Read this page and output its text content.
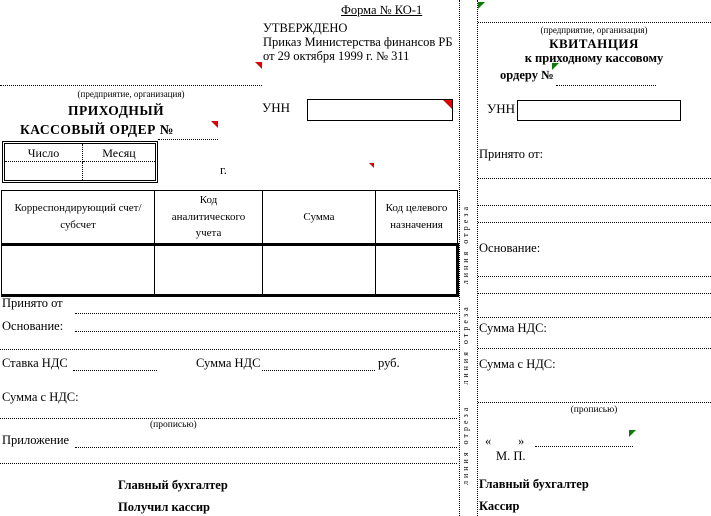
Форма № КО-1
УТВЕРЖДЕНО
Приказ Министерства финансов РБ
от 29 октября 1999 г. № 311
(предприятие, организация)
ПРИХОДНЫЙ
КАССОВЫЙ ОРДЕР №
Число	Месяц
г.
УНН
Корреспондирующий счет/субсчет	Код аналитического учета	Сумма	Код целевого назначения

Принято от
Основание:
Ставка НДС	Сумма НДС	руб.
Сумма с НДС:
(прописью)
Приложение
Главный бухгалтер
Получил кассир
линия отреза    линия отреза    линия отреза
(предприятие, организация)
КВИТАНЦИЯ
к приходному кассовому
ордеру №
УНН
Принято от:
Основание:
Сумма НДС:
Сумма с НДС:
(прописью)
« »
М. П.
Главный бухгалтер
Кассир
